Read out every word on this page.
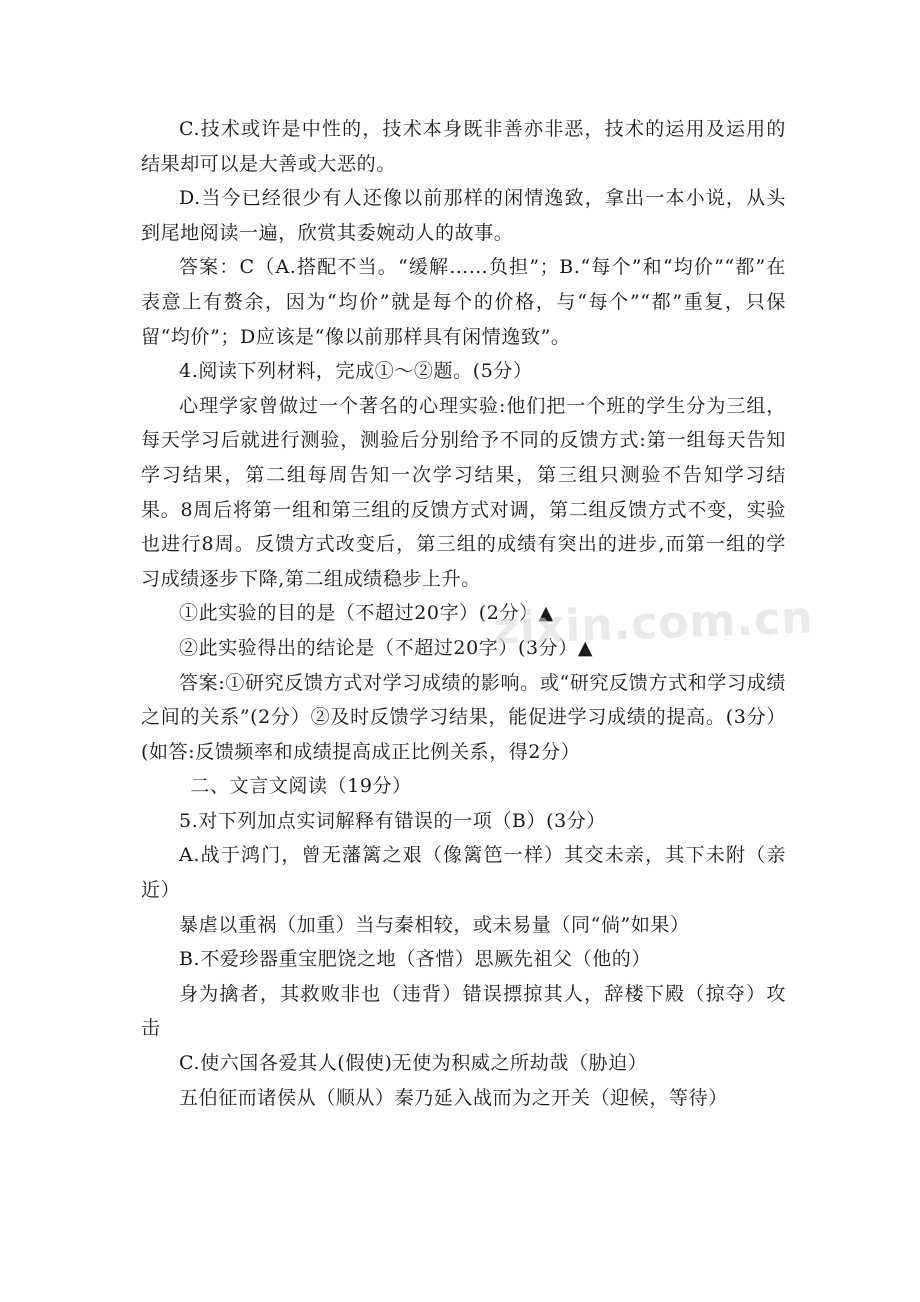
C.技术或许是中性的，技术本身既非善亦非恶，技术的运用及运用的结果却可以是大善或大恶的。

D.当今已经很少有人还像以前那样的闲情逸致，拿出一本小说，从头到尾地阅读一遍，欣赏其委婉动人的故事。

答案：C（A.搭配不当。“缓解……负担”；B.“每个”和“均价”“都”在表意上有赘余，因为“均价”就是每个的价格，与“每个”“都”重复，只保留“均价”；D应该是“像以前那样具有闲情逸致”。

4.阅读下列材料，完成①～②题。(5分）

心理学家曾做过一个著名的心理实验:他们把一个班的学生分为三组，每天学习后就进行测验，测验后分别给予不同的反馈方式:第一组每天告知学习结果，第二组每周告知一次学习结果，第三组只测验不告知学习结果。8周后将第一组和第三组的反馈方式对调，第二组反馈方式不变，实验也进行8周。反馈方式改变后，第三组的成绩有突出的进步,而第一组的学习成绩逐步下降,第二组成绩稳步上升。

①此实验的目的是（不超过20字）(2分）▲

②此实验得出的结论是（不超过20字）(3分）▲

答案:①研究反馈方式对学习成绩的影响。或“研究反馈方式和学习成绩之间的关系”(2分）②及时反馈学习结果，能促进学习成绩的提高。(3分）(如答:反馈频率和成绩提高成正比例关系，得2分）

二、文言文阅读（19分）

5.对下列加点实词解释有错误的一项（B）(3分）

A.战于鸿门，曾无藩篱之艰（像篱笆一样）其交未亲，其下未附（亲近）

暴虐以重祸（加重）当与秦相较，或未易量（同“倘”如果）

B.不爱珍器重宝肥饶之地（吝惜）思厥先祖父（他的）

身为擒者，其救败非也（违背）错误摽掠其人，辞楼下殿（掠夺）攻击

C.使六国各爱其人(假使)无使为积威之所劫哉（胁迫）

五伯征而诸侯从（顺从）秦乃延入战而为之开关（迎候，等待）

zixin.com.cn
